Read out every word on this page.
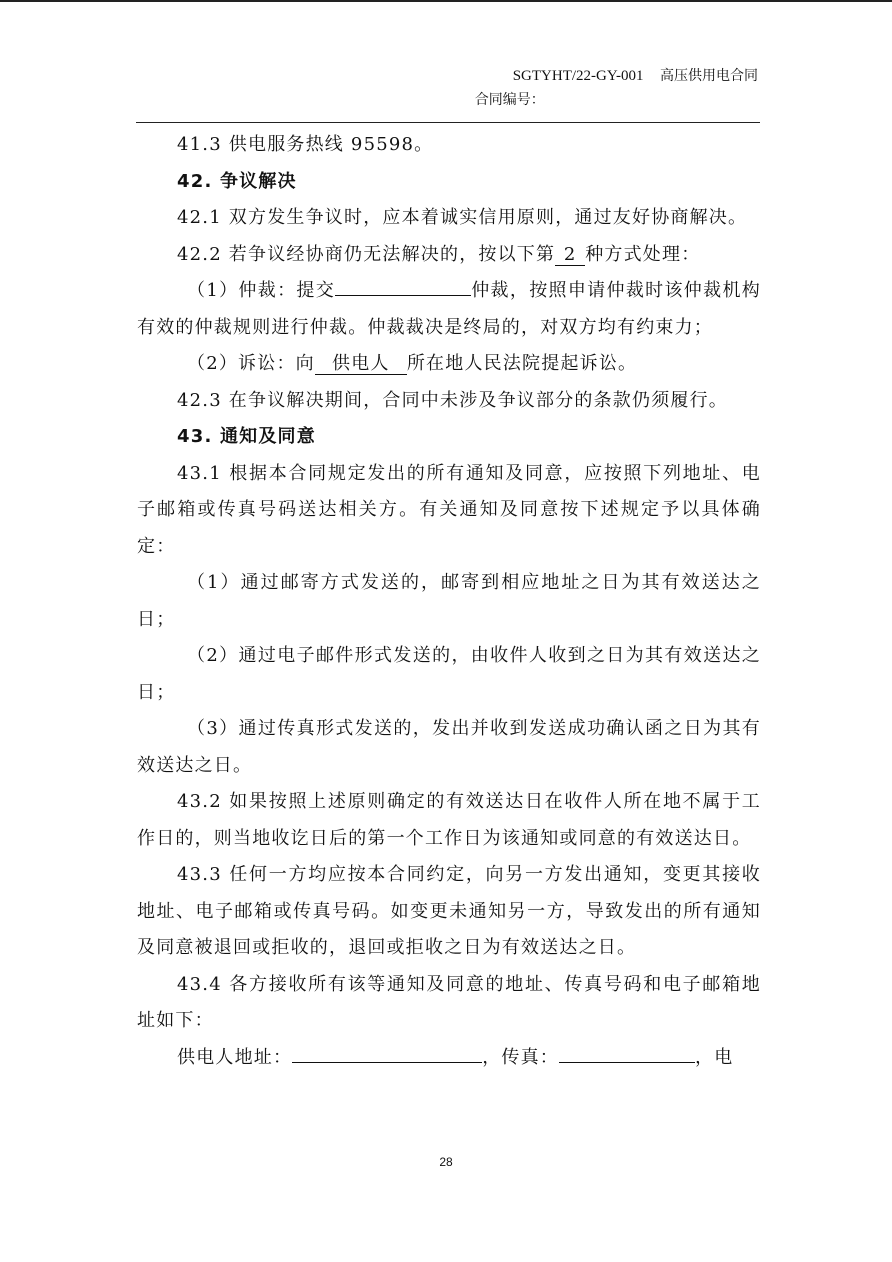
SGTYHT/22-GY-001 高压供用电合同
合同编号：

41.3 供电服务热线 95598。

42. 争议解决

42.1 双方发生争议时，应本着诚实信用原则，通过友好协商解决。

42.2 若争议经协商仍无法解决的，按以下第 2 种方式处理：

（1）仲裁：提交	仲裁，按照申请仲裁时该仲裁机构有效的仲裁规则进行仲裁。仲裁裁决是终局的，对双方均有约束力；

（2）诉讼：向 供电人 所在地人民法院提起诉讼。

42.3 在争议解决期间，合同中未涉及争议部分的条款仍须履行。

43. 通知及同意

43.1 根据本合同规定发出的所有通知及同意，应按照下列地址、电子邮箱或传真号码送达相关方。有关通知及同意按下述规定予以具体确定：

（1）通过邮寄方式发送的，邮寄到相应地址之日为其有效送达之日；

（2）通过电子邮件形式发送的，由收件人收到之日为其有效送达之日；

（3）通过传真形式发送的，发出并收到发送成功确认函之日为其有效送达之日。

43.2 如果按照上述原则确定的有效送达日在收件人所在地不属于工作日的，则当地收讫日后的第一个工作日为该通知或同意的有效送达日。

43.3 任何一方均应按本合同约定，向另一方发出通知，变更其接收地址、电子邮箱或传真号码。如变更未通知另一方，导致发出的所有通知及同意被退回或拒收的，退回或拒收之日为有效送达之日。

43.4 各方接收所有该等通知及同意的地址、传真号码和电子邮箱地址如下：

供电人地址：	，传真：	，电

28
